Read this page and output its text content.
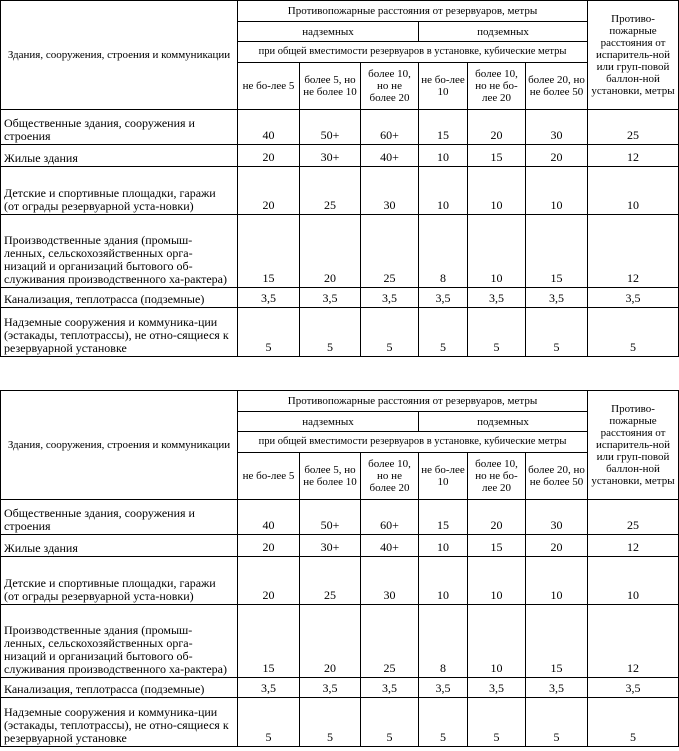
Здания, сооружения, строения и коммуникации	Противопожарные расстояния от резервуаров, метры						Противо-пожарные расстояния от испаритель-ной или груп-повой баллон-ной установки, метры
	надземных			подземных			
	при общей вместимости резервуаров в установке, кубические метры						
	не бо-лее 5	более 5, но не более 10	более 10, но не более 20	не бо-лее 10	более 10, но не бо-лее 20	более 20, но не более 50	
Общественные здания, сооружения и строения	40	50+	60+	15	20	30	25
Жилые здания	20	30+	40+	10	15	20	12
Детские и спортивные площадки, гаражи (от ограды резервуарной уста-новки)	20	25	30	10	10	10	10
Производственные здания (промыш-ленных, сельскохозяйственных орга-низаций и организаций бытового об-служивания производственного ха-рактера)	15	20	25	8	10	15	12
Канализация, теплотрасса (подземные)	3,5	3,5	3,5	3,5	3,5	3,5	3,5
Надземные сооружения и коммуника-ции (эстакады, теплотрассы), не отно-сящиеся к резервуарной установке	5	5	5	5	5	5	5
Здания, сооружения, строения и коммуникации	Противопожарные расстояния от резервуаров, метры						Противо-пожарные расстояния от испаритель-ной или груп-повой баллон-ной установки, метры
	надземных			подземных			
	при общей вместимости резервуаров в установке, кубические метры						
	не бо-лее 5	более 5, но не более 10	более 10, но не более 20	не бо-лее 10	более 10, но не бо-лее 20	более 20, но не более 50	
Общественные здания, сооружения и строения	40	50+	60+	15	20	30	25
Жилые здания	20	30+	40+	10	15	20	12
Детские и спортивные площадки, гаражи (от ограды резервуарной уста-новки)	20	25	30	10	10	10	10
Производственные здания (промыш-ленных, сельскохозяйственных орга-низаций и организаций бытового об-служивания производственного ха-рактера)	15	20	25	8	10	15	12
Канализация, теплотрасса (подземные)	3,5	3,5	3,5	3,5	3,5	3,5	3,5
Надземные сооружения и коммуника-ции (эстакады, теплотрассы), не отно-сящиеся к резервуарной установке	5	5	5	5	5	5	5
